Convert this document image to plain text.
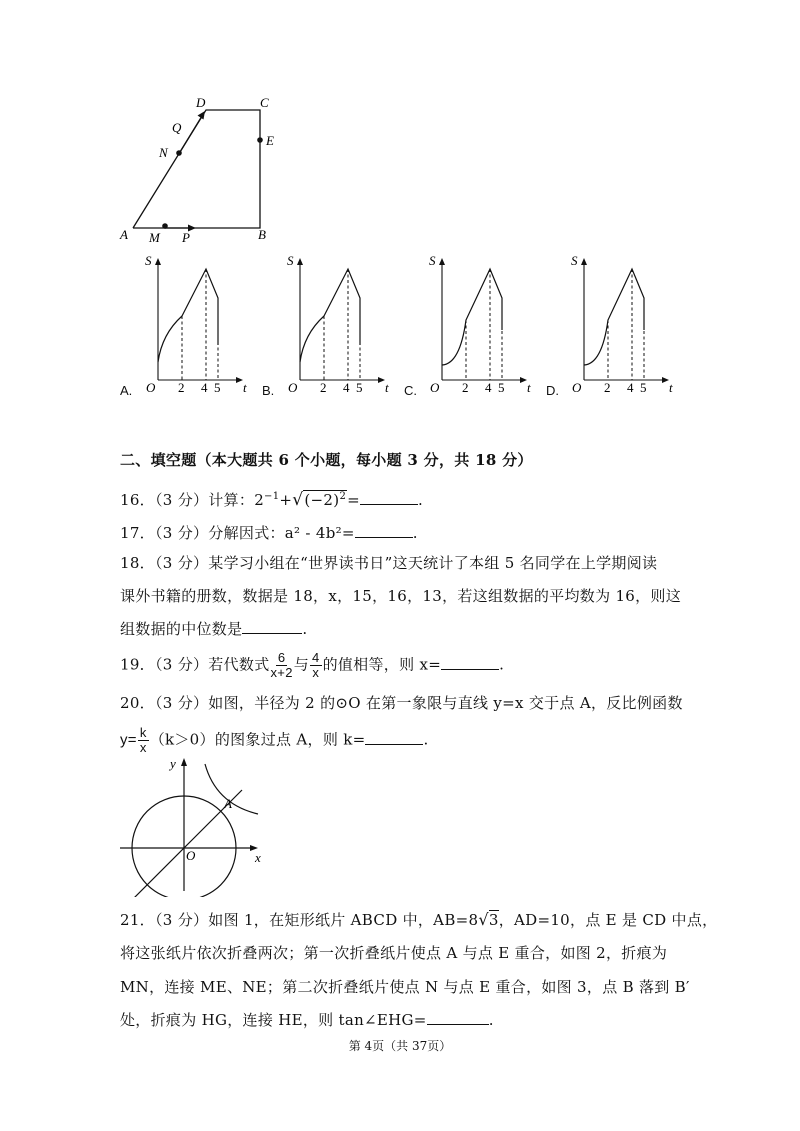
A	B
C
D
E
M P
N
Q
A.
S
O 2 4 5 t B.
S
O 2 4 5 t C.
S
O 2 4 5 t D.
S
O 2 4 5 t
二、填空题（本大题共 6 个小题，每小题 3 分，共 18 分）
16．（3 分）计算：$2^{-1}+√(-2)^2=$	.
17．（3 分）分解因式：a² ‑ 4b²=	.
18．（3 分）某学习小组在“世界读书日”这天统计了本组 5 名同学在上学期阅读
课外书籍的册数，数据是 18，x，15，16，13，若这组数据的平均数为 16，则这
组数据的中位数是	.
19．（3 分）若代数式 $\frac{6}{x+2}$ 与 $\frac{4}{x}$ 的值相等，则 x=	.
20．（3 分）如图，半径为 2 的⊙O 在第一象限与直线 y=x 交于点 A，反比例函数
$y= \frac{k}{x} (k>0)$的图象过点 A，则 k=	.
y
x
O
A
21．（3 分）如图 1，在矩形纸片 ABCD 中，AB=8√3，AD=10，点 E 是 CD 中点，
将这张纸片依次折叠两次；第一次折叠纸片使点 A 与点 E 重合，如图 2，折痕为
MN，连接 ME、NE；第二次折叠纸片使点 N 与点 E 重合，如图 3，点 B 落到 B′
处，折痕为 HG，连接 HE，则 tan∠EHG=	.
第 4页（共 37页）
